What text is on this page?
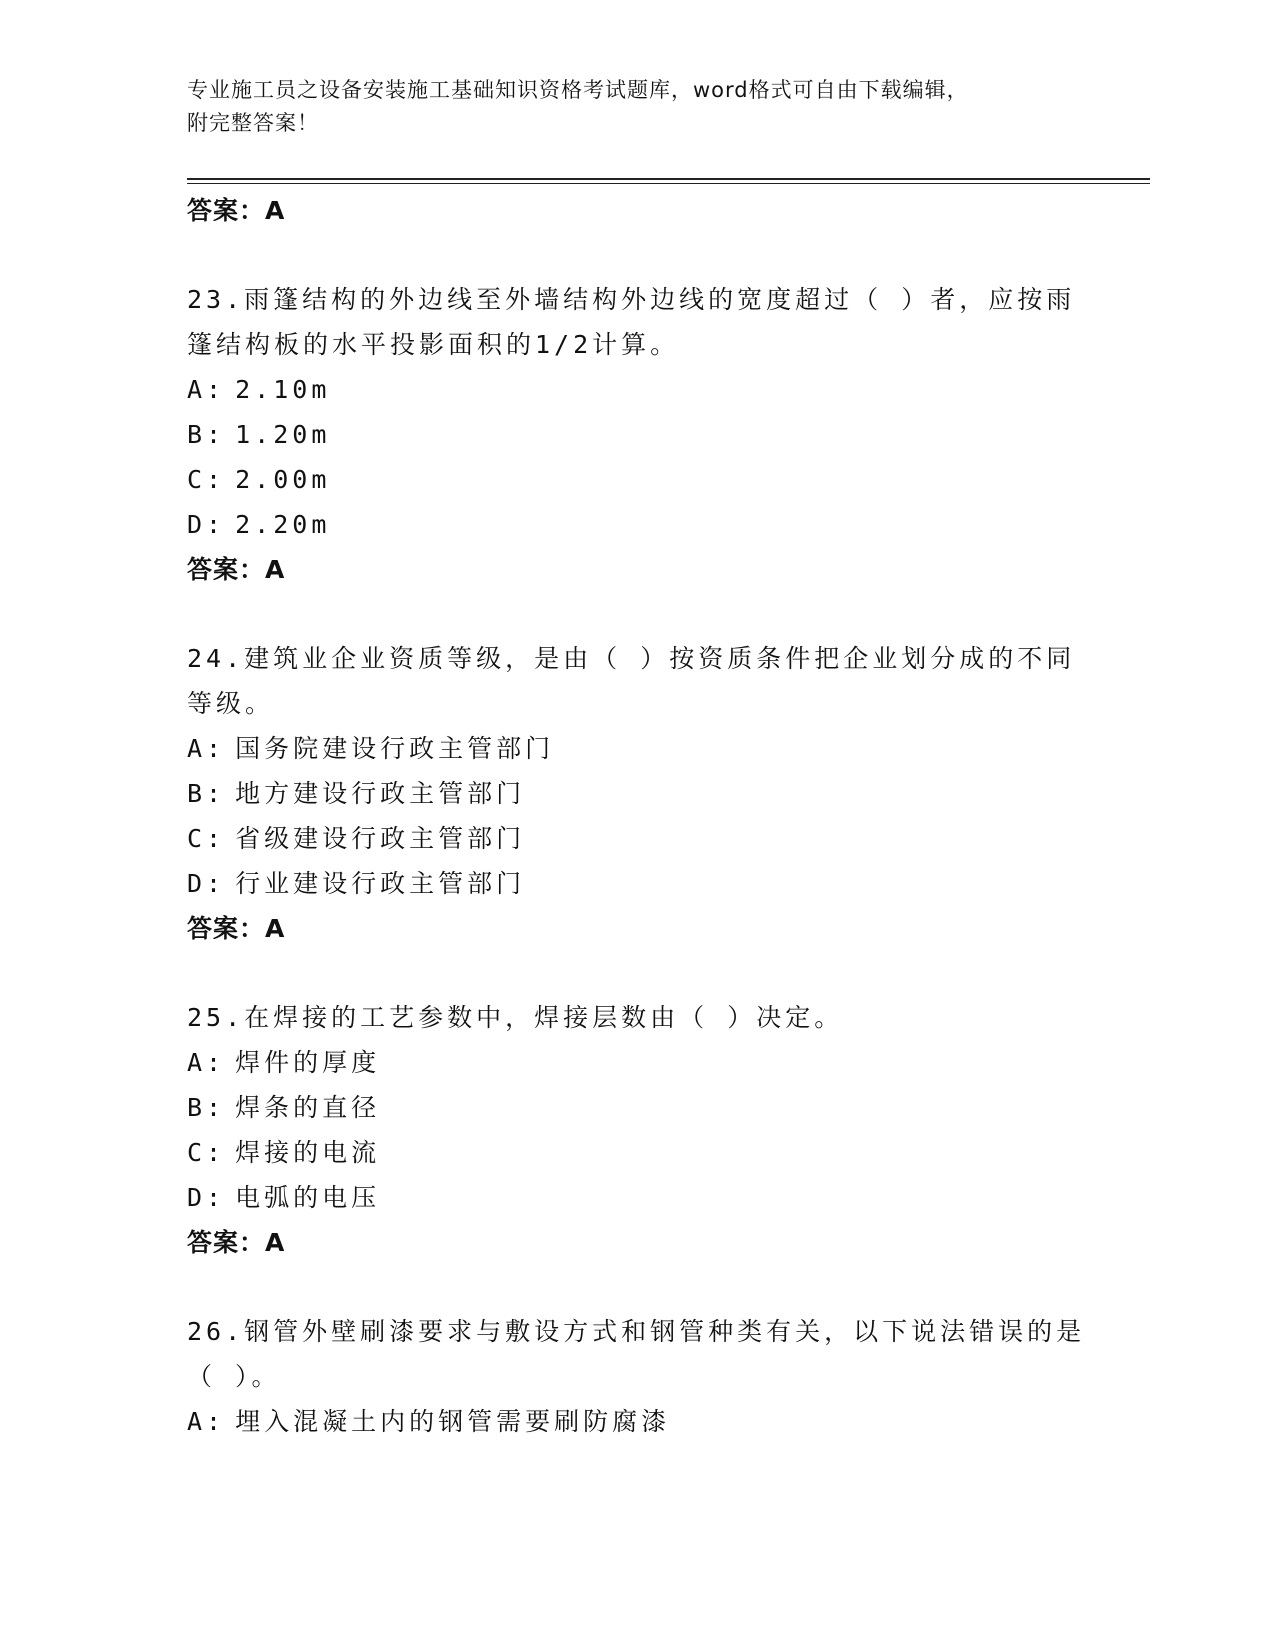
专业施工员之设备安装施工基础知识资格考试题库，word格式可自由下载编辑，
附完整答案！
答案：A
23.雨篷结构的外边线至外墙结构外边线的宽度超过（ ）者，应按雨篷结构板的水平投影面积的1/2计算。
A: 2.10m
B: 1.20m
C: 2.00m
D: 2.20m
答案：A
24.建筑业企业资质等级，是由（ ）按资质条件把企业划分成的不同等级。
A: 国务院建设行政主管部门
B: 地方建设行政主管部门
C: 省级建设行政主管部门
D: 行业建设行政主管部门
答案：A
25.在焊接的工艺参数中，焊接层数由（ ）决定。
A: 焊件的厚度
B: 焊条的直径
C: 焊接的电流
D: 电弧的电压
答案：A
26.钢管外壁刷漆要求与敷设方式和钢管种类有关，以下说法错误的是（ ）。
A: 埋入混凝土内的钢管需要刷防腐漆
